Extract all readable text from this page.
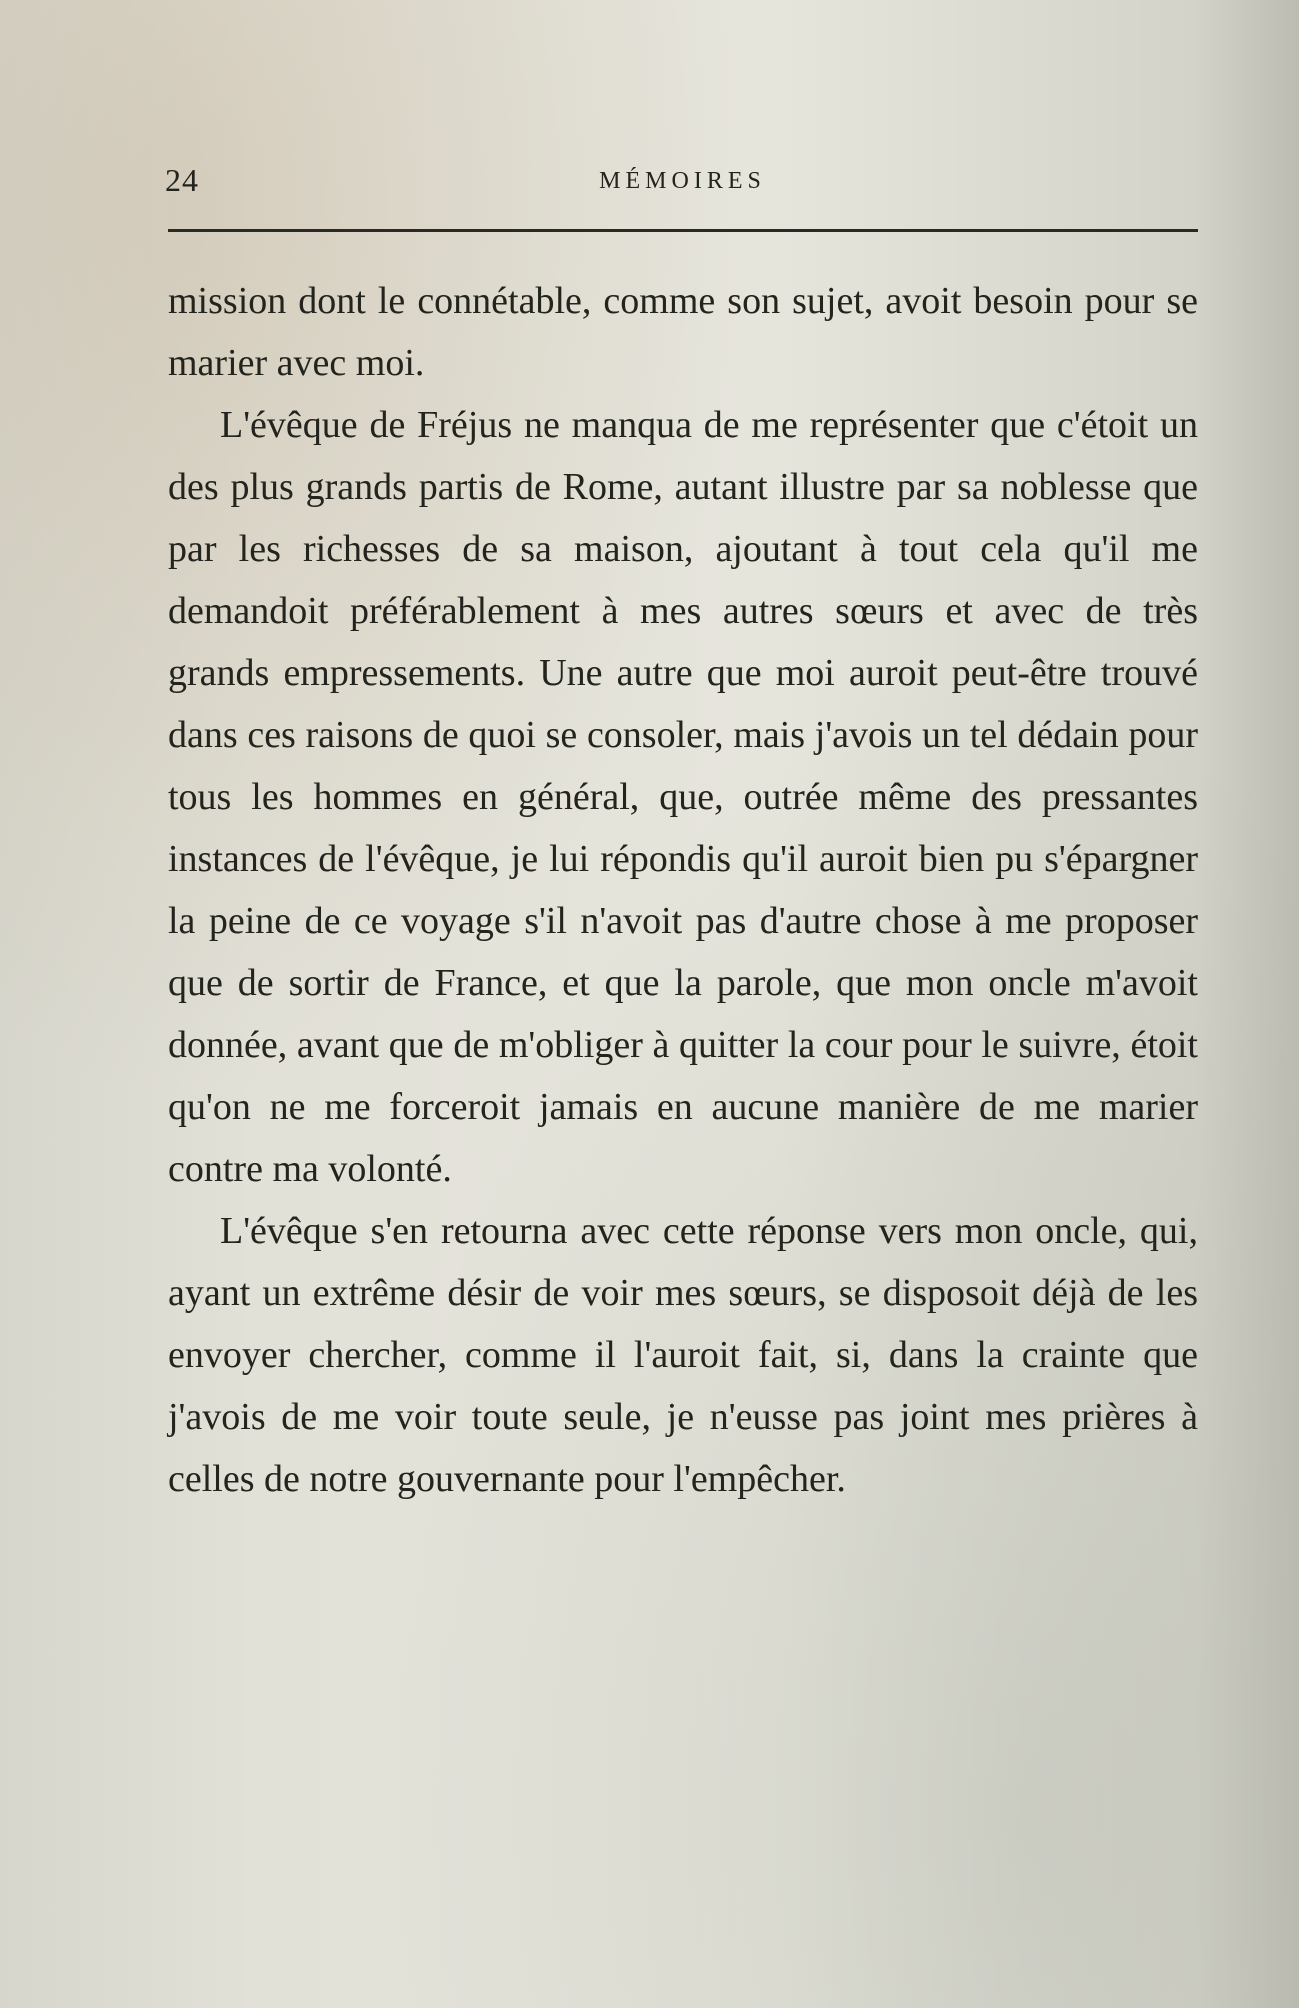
24	MÉMOIRES

mission dont le connétable, comme son sujet, avoit besoin pour se marier avec moi.

L'évêque de Fréjus ne manqua de me représenter que c'étoit un des plus grands partis de Rome, autant illustre par sa noblesse que par les richesses de sa maison, ajoutant à tout cela qu'il me demandoit préférablement à mes autres sœurs et avec de très grands empressements. Une autre que moi auroit peut-être trouvé dans ces raisons de quoi se consoler, mais j'avois un tel dédain pour tous les hommes en général, que, outrée même des pressantes instances de l'évêque, je lui répondis qu'il auroit bien pu s'épargner la peine de ce voyage s'il n'avoit pas d'autre chose à me proposer que de sortir de France, et que la parole, que mon oncle m'avoit donnée, avant que de m'obliger à quitter la cour pour le suivre, étoit qu'on ne me forceroit jamais en aucune manière de me marier contre ma volonté.

L'évêque s'en retourna avec cette réponse vers mon oncle, qui, ayant un extrême désir de voir mes sœurs, se disposoit déjà de les envoyer chercher, comme il l'auroit fait, si, dans la crainte que j'avois de me voir toute seule, je n'eusse pas joint mes prières à celles de notre gouvernante pour l'empêcher.
